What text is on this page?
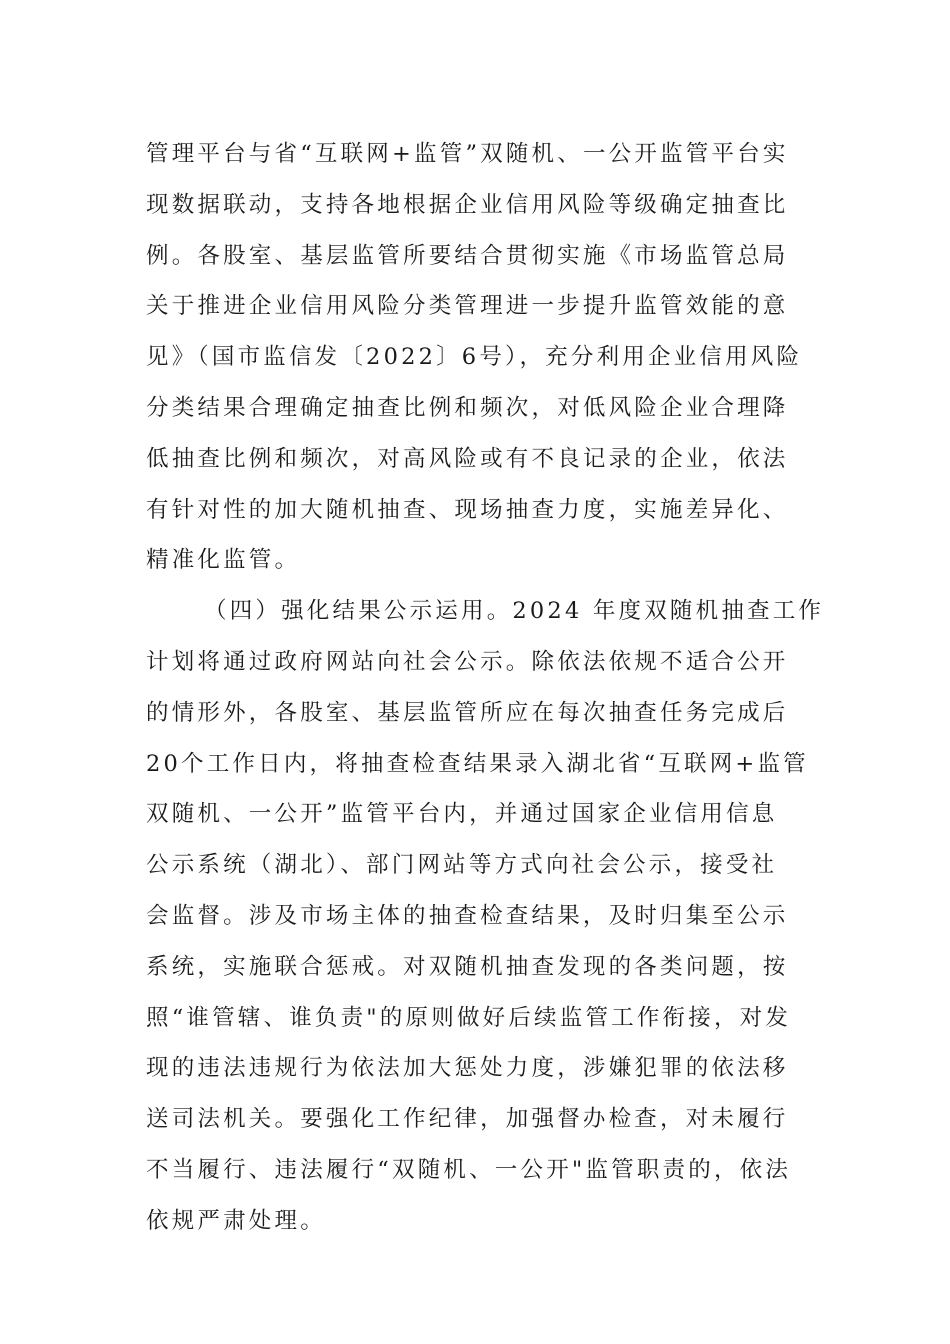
管理平台与省“互联网+监管”双随机、一公开监管平台实
现数据联动，支持各地根据企业信用风险等级确定抽查比
例。各股室、基层监管所要结合贯彻实施《市场监管总局
关于推进企业信用风险分类管理进一步提升监管效能的意
见》（国市监信发〔2022〕6号），充分利用企业信用风险
分类结果合理确定抽查比例和频次，对低风险企业合理降
低抽查比例和频次，对高风险或有不良记录的企业，依法
有针对性的加大随机抽查、现场抽查力度，实施差异化、
精准化监管。
（四）强化结果公示运用。2024 年度双随机抽查工作
计划将通过政府网站向社会公示。除依法依规不适合公开
的情形外，各股室、基层监管所应在每次抽查任务完成后
20个工作日内，将抽查检查结果录入湖北省“互联网+监管
双随机、一公开”监管平台内，并通过国家企业信用信息
公示系统（湖北）、部门网站等方式向社会公示，接受社
会监督。涉及市场主体的抽查检查结果，及时归集至公示
系统，实施联合惩戒。对双随机抽查发现的各类问题，按
照“谁管辖、谁负责"的原则做好后续监管工作衔接，对发
现的违法违规行为依法加大惩处力度，涉嫌犯罪的依法移
送司法机关。要强化工作纪律，加强督办检查，对未履行
不当履行、违法履行“双随机、一公开"监管职责的，依法
依规严肃处理。
